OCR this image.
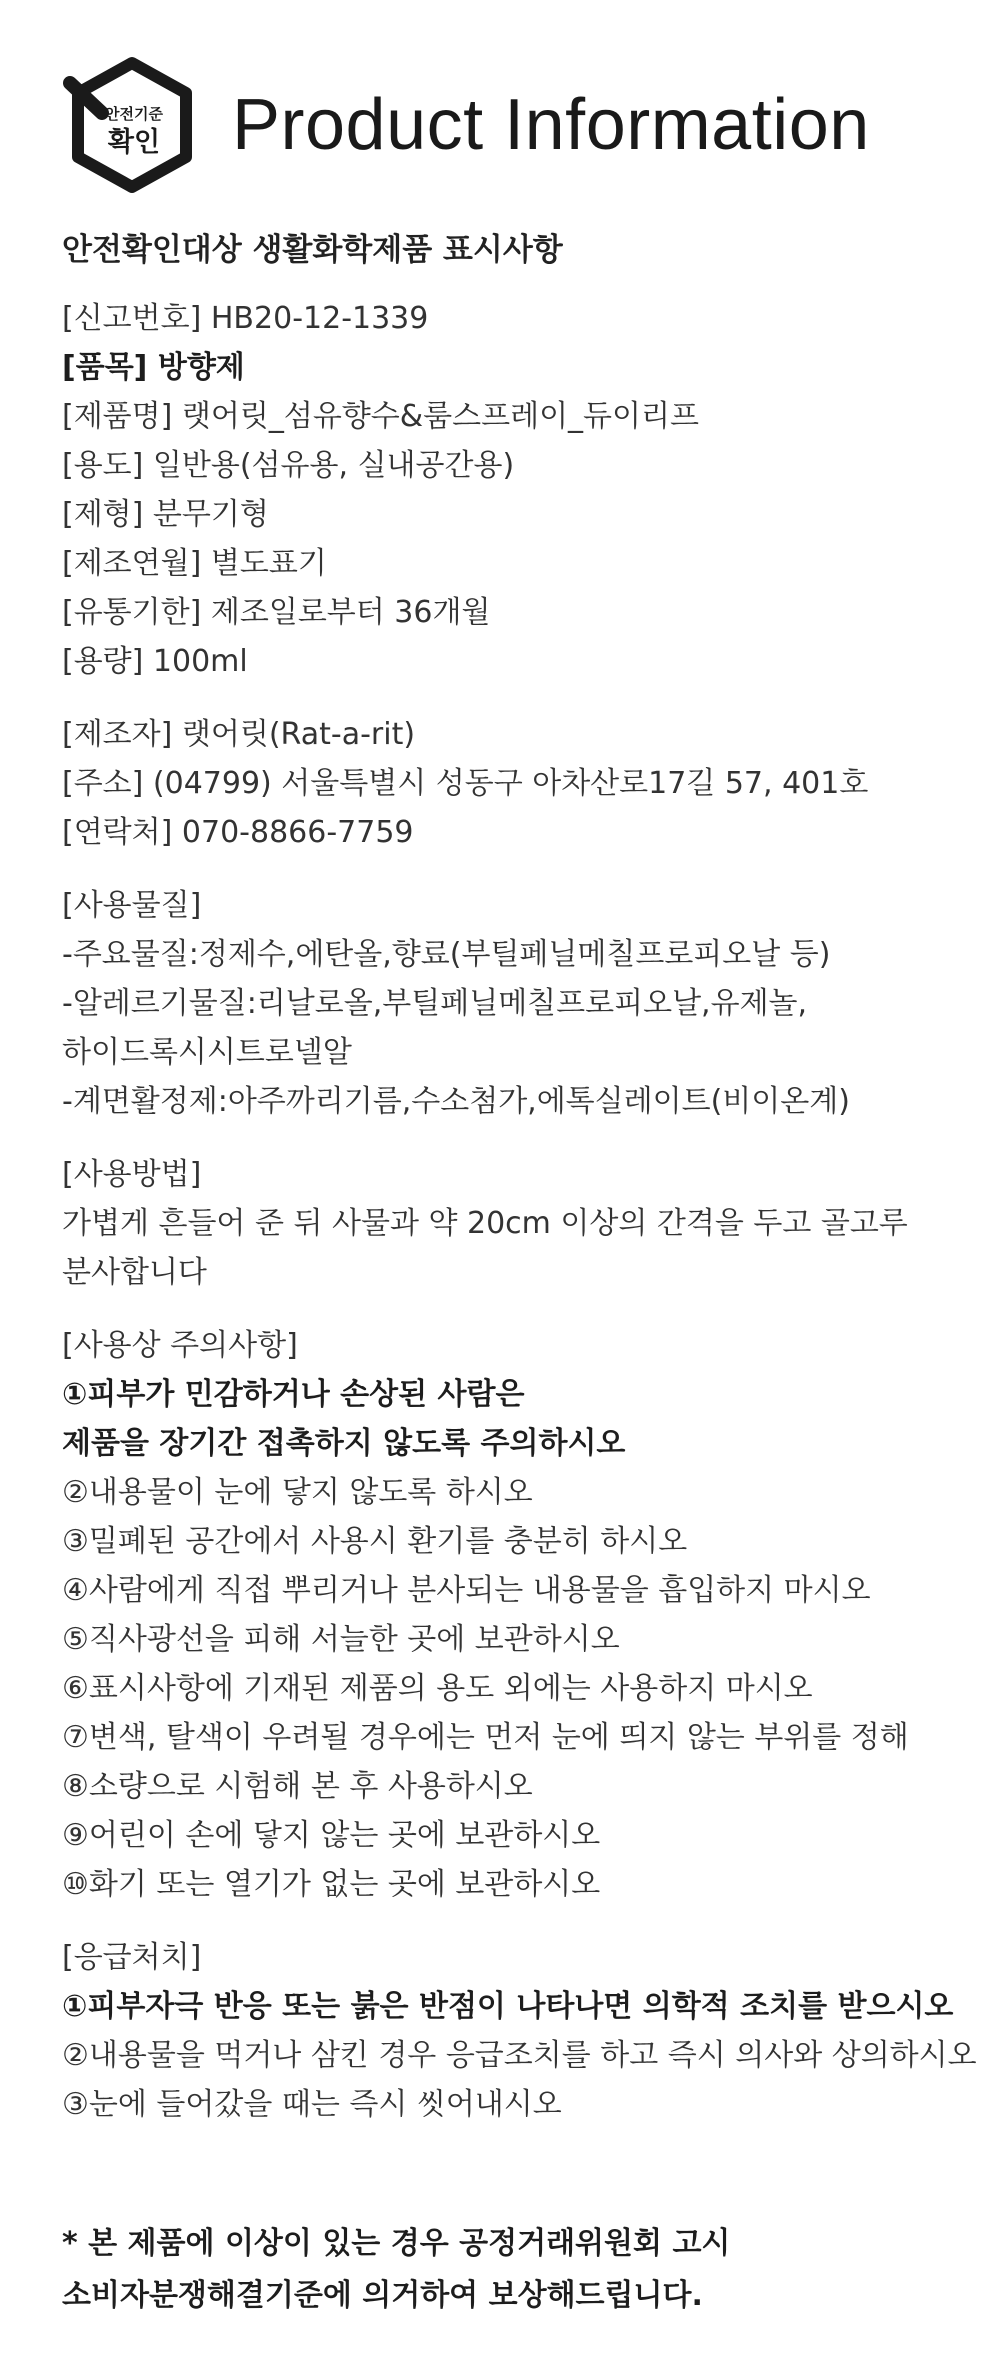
안전기준
확인 Product Information
안전확인대상 생활화학제품 표시사항
[신고번호] HB20-12-1339
[품목] 방향제
[제품명] 랫어릿_섬유향수&룸스프레이_듀이리프
[용도] 일반용(섬유용, 실내공간용)
[제형] 분무기형
[제조연월] 별도표기
[유통기한] 제조일로부터 36개월
[용량] 100ml
[제조자] 랫어릿(Rat-a-rit)
[주소] (04799) 서울특별시 성동구 아차산로17길 57, 401호
[연락처] 070-8866-7759
[사용물질]
-주요물질:정제수,에탄올,향료(부틸페닐메칠프로피오날 등)
-알레르기물질:리날로올,부틸페닐메칠프로피오날,유제놀,
하이드록시시트로넬알
-계면활정제:아주까리기름,수소첨가,에톡실레이트(비이온계)
[사용방법]
가볍게 흔들어 준 뒤 사물과 약 20cm 이상의 간격을 두고 골고루
분사합니다
[사용상 주의사항]
①피부가 민감하거나 손상된 사람은
제품을 장기간 접촉하지 않도록 주의하시오
②내용물이 눈에 닿지 않도록 하시오
③밀폐된 공간에서 사용시 환기를 충분히 하시오
④사람에게 직접 뿌리거나 분사되는 내용물을 흡입하지 마시오
⑤직사광선을 피해 서늘한 곳에 보관하시오
⑥표시사항에 기재된 제품의 용도 외에는 사용하지 마시오
⑦변색, 탈색이 우려될 경우에는 먼저 눈에 띄지 않는 부위를 정해
⑧소량으로 시험해 본 후 사용하시오
⑨어린이 손에 닿지 않는 곳에 보관하시오
⑩화기 또는 열기가 없는 곳에 보관하시오
[응급처치]
①피부자극 반응 또는 붉은 반점이 나타나면 의학적 조치를 받으시오
②내용물을 먹거나 삼킨 경우 응급조치를 하고 즉시 의사와 상의하시오
③눈에 들어갔을 때는 즉시 씻어내시오
* 본 제품에 이상이 있는 경우 공정거래위원회 고시
소비자분쟁해결기준에 의거하여 보상해드립니다.
